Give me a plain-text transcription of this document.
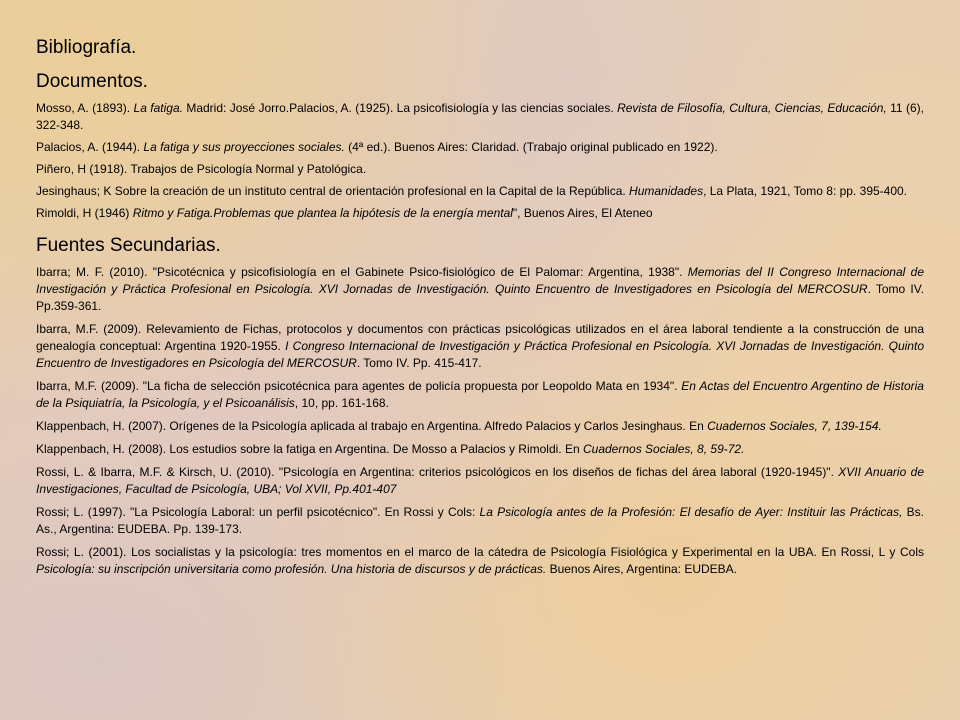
Bibliografía.
Documentos.

Mosso, A. (1893). La fatiga. Madrid: José Jorro.Palacios, A. (1925). La psicofisiología y las ciencias sociales. Revista de Filosofía, Cultura, Ciencias, Educación, 11 (6), 322-348.

Palacios, A. (1944). La fatiga y sus proyecciones sociales. (4ª ed.). Buenos Aires: Claridad. (Trabajo original publicado en 1922).

Piñero, H (1918). Trabajos de Psicología Normal y Patológica.

Jesinghaus; K Sobre la creación de un instituto central de orientación profesional en la Capital de la República. Humanidades, La Plata, 1921, Tomo 8: pp. 395-400.

Rimoldi, H (1946) Ritmo y Fatiga.Problemas que plantea la hipótesis de la energía mental", Buenos Aires, El Ateneo

Fuentes Secundarias.

Ibarra; M. F. (2010). "Psicotécnica y psicofisiología en el Gabinete Psico-fisiológico de El Palomar: Argentina, 1938". Memorias del II Congreso Internacional de Investigación y Práctica Profesional en Psicología. XVI Jornadas de Investigación. Quinto Encuentro de Investigadores en Psicología del MERCOSUR. Tomo IV. Pp.359-361.

Ibarra, M.F. (2009). Relevamiento de Fichas, protocolos y documentos con prácticas psicológicas utilizados en el área laboral tendiente a la construcción de una genealogía conceptual: Argentina 1920-1955. I Congreso Internacional de Investigación y Práctica Profesional en Psicología. XVI Jornadas de Investigación. Quinto Encuentro de Investigadores en Psicología del MERCOSUR. Tomo IV. Pp. 415-417.

Ibarra, M.F. (2009). "La ficha de selección psicotécnica para agentes de policía propuesta por Leopoldo Mata en 1934". En Actas del Encuentro Argentino de Historia de la Psiquiatría, la Psicología, y el Psicoanálisis, 10, pp. 161-168.

Klappenbach, H. (2007). Orígenes de la Psicología aplicada al trabajo en Argentina. Alfredo Palacios y Carlos Jesinghaus. En Cuadernos Sociales, 7, 139-154.

Klappenbach, H. (2008). Los estudios sobre la fatiga en Argentina. De Mosso a Palacios y Rimoldi. En Cuadernos Sociales, 8, 59-72.

Rossi, L. & Ibarra, M.F. & Kirsch, U. (2010). "Psicología en Argentina: criterios psicológicos en los diseños de fichas del área laboral (1920-1945)". XVII Anuario de Investigaciones, Facultad de Psicología, UBA; Vol XVII, Pp.401-407

Rossi; L. (1997). "La Psicología Laboral: un perfil psicotécnico". En Rossi y Cols: La Psicología antes de la Profesión: El desafío de Ayer: Instituir las Prácticas, Bs. As., Argentina: EUDEBA. Pp. 139-173.

Rossi; L. (2001). Los socialistas y la psicología: tres momentos en el marco de la cátedra de Psicología Fisiológica y Experimental en la UBA. En Rossi, L y Cols Psicología: su inscripción universitaria como profesión. Una historia de discursos y de prácticas. Buenos Aires, Argentina: EUDEBA.
